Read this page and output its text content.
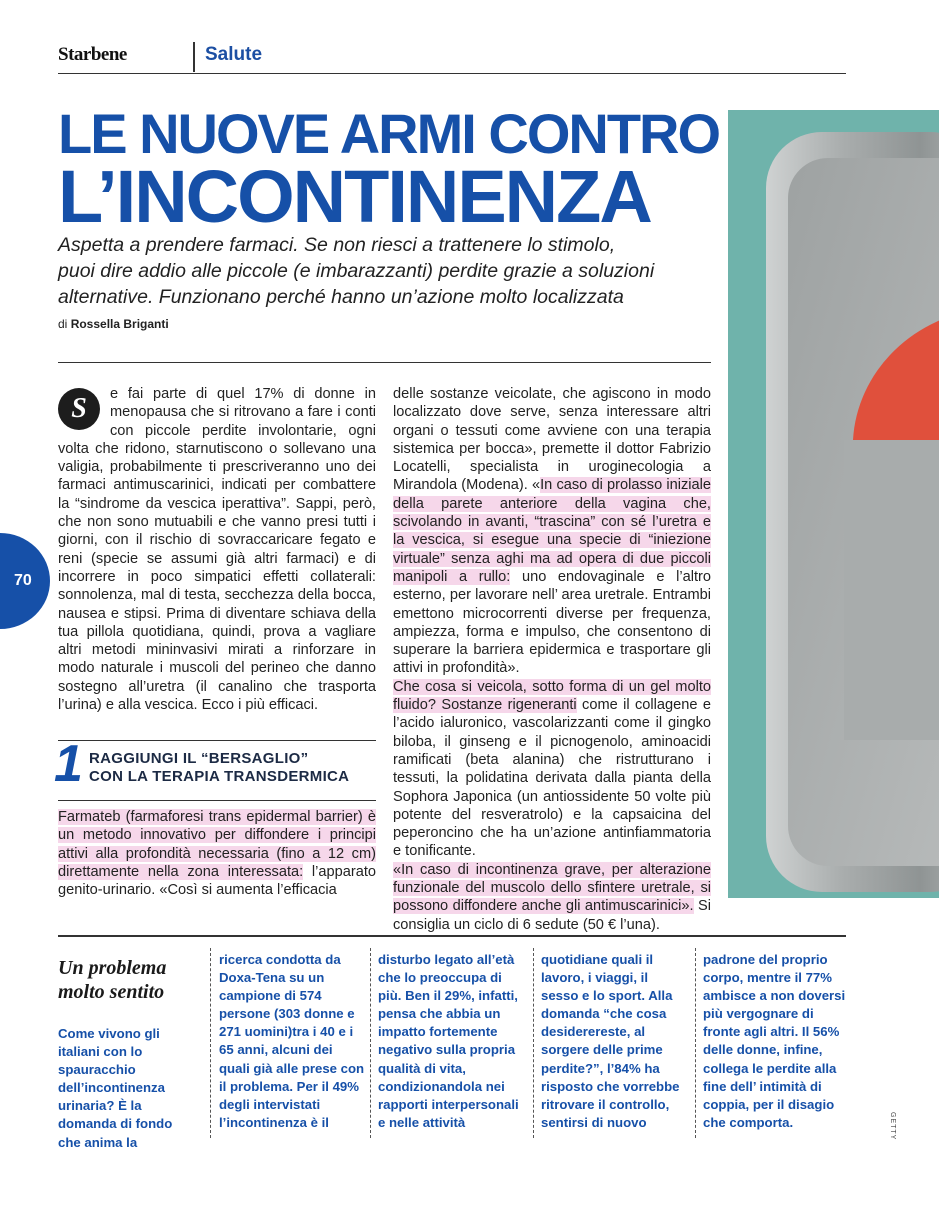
Starbene	Salute
LE NUOVE ARMI CONTRO
L’INCONTINENZA
Aspetta a prendere farmaci. Se non riesci a trattenere lo stimolo,
puoi dire addio alle piccole (e imbarazzanti) perdite grazie a soluzioni
alternative. Funzionano perché hanno un’azione molto localizzata
di Rossella Briganti
70
S	e fai parte di quel 17% di donne in menopausa che si ritrovano a fare i conti con piccole perdite involontarie, ogni volta che ridono, starnutiscono o sollevano una valigia, probabilmente ti prescriveranno uno dei farmaci antimuscarinici, indicati per combattere la “sindrome da vescica iperattiva”. Sappi, però, che non sono mutuabili e che vanno presi tutti i giorni, con il rischio di sovraccaricare fegato e reni (specie se assumi già altri farmaci) e di incorrere in poco simpatici effetti collaterali: sonnolenza, mal di testa, secchezza della bocca, nausea e stipsi. Prima di diventare schiava della tua pillola quotidiana, quindi, prova a vagliare altri metodi mininvasivi mirati a rinforzare in modo naturale i muscoli del perineo che danno sostegno all’uretra (il canalino che trasporta l’urina) e alla vescica. Ecco i più efficaci.
1 RAGGIUNGI IL “BERSAGLIO”
CON LA TERAPIA TRANSDERMICA
Farmateb (farmaforesi trans epidermal barrier) è un metodo innovativo per diffondere i principi attivi alla profondità necessaria (fino a 12 cm) direttamente nella zona interessata: l’apparato genito-urinario. «Così si aumenta l’efficacia
delle sostanze veicolate, che agiscono in modo localizzato dove serve, senza interessare altri organi o tessuti come avviene con una terapia sistemica per bocca», premette il dottor Fabrizio Locatelli, specialista in uroginecologia a Mirandola (Modena). «In caso di prolasso iniziale della parete anteriore della vagina che, scivolando in avanti, “trascina” con sé l’uretra e la vescica, si esegue una specie di “iniezione virtuale” senza aghi ma ad opera di due piccoli manipoli a rullo: uno endovaginale e l’altro esterno, per lavorare nell’ area uretrale. Entrambi emettono microcorrenti diverse per frequenza, ampiezza, forma e impulso, che consentono di superare la barriera epidermica e trasportare gli attivi in profondità».
Che cosa si veicola, sotto forma di un gel molto fluido? Sostanze rigeneranti come il collagene e l’acido ialuronico, vascolarizzanti come il gingko biloba, il ginseng e il picnogenolo, aminoacidi ramificati (beta alanina) che ristrutturano i tessuti, la polidatina derivata dalla pianta della Sophora Japonica (un antiossidente 50 volte più potente del resveratrolo) e la capsaicina del peperoncino che ha un’azione antinfiammatoria e tonificante.
«In caso di incontinenza grave, per alterazione funzionale del muscolo dello sfintere uretrale, si possono diffondere anche gli antimuscarinici». Si consiglia un ciclo di 6 sedute (50 € l’una).
Un problema
molto sentito
Come vivono gli italiani con lo spauracchio dell’incontinenza urinaria? È la domanda di fondo che anima la
ricerca condotta da Doxa-Tena su un campione di 574 persone (303 donne e 271 uomini)tra i 40 e i 65 anni, alcuni dei quali già alle prese con il problema. Per il 49% degli intervistati l’incontinenza è il
disturbo legato all’età che lo preoccupa di più. Ben il 29%, infatti, pensa che abbia un impatto fortemente negativo sulla propria qualità di vita, condizionandola nei rapporti interpersonali e nelle attività
quotidiane quali il lavoro, i viaggi, il sesso e lo sport. Alla domanda “che cosa desiderereste, al sorgere delle prime perdite?”, l’84% ha risposto che vorrebbe ritrovare il controllo, sentirsi di nuovo
padrone del proprio corpo, mentre il 77% ambisce a non doversi più vergognare di fronte agli altri. Il 56% delle donne, infine, collega le perdite alla fine dell’ intimità di coppia, per il disagio che comporta.	GETTY
